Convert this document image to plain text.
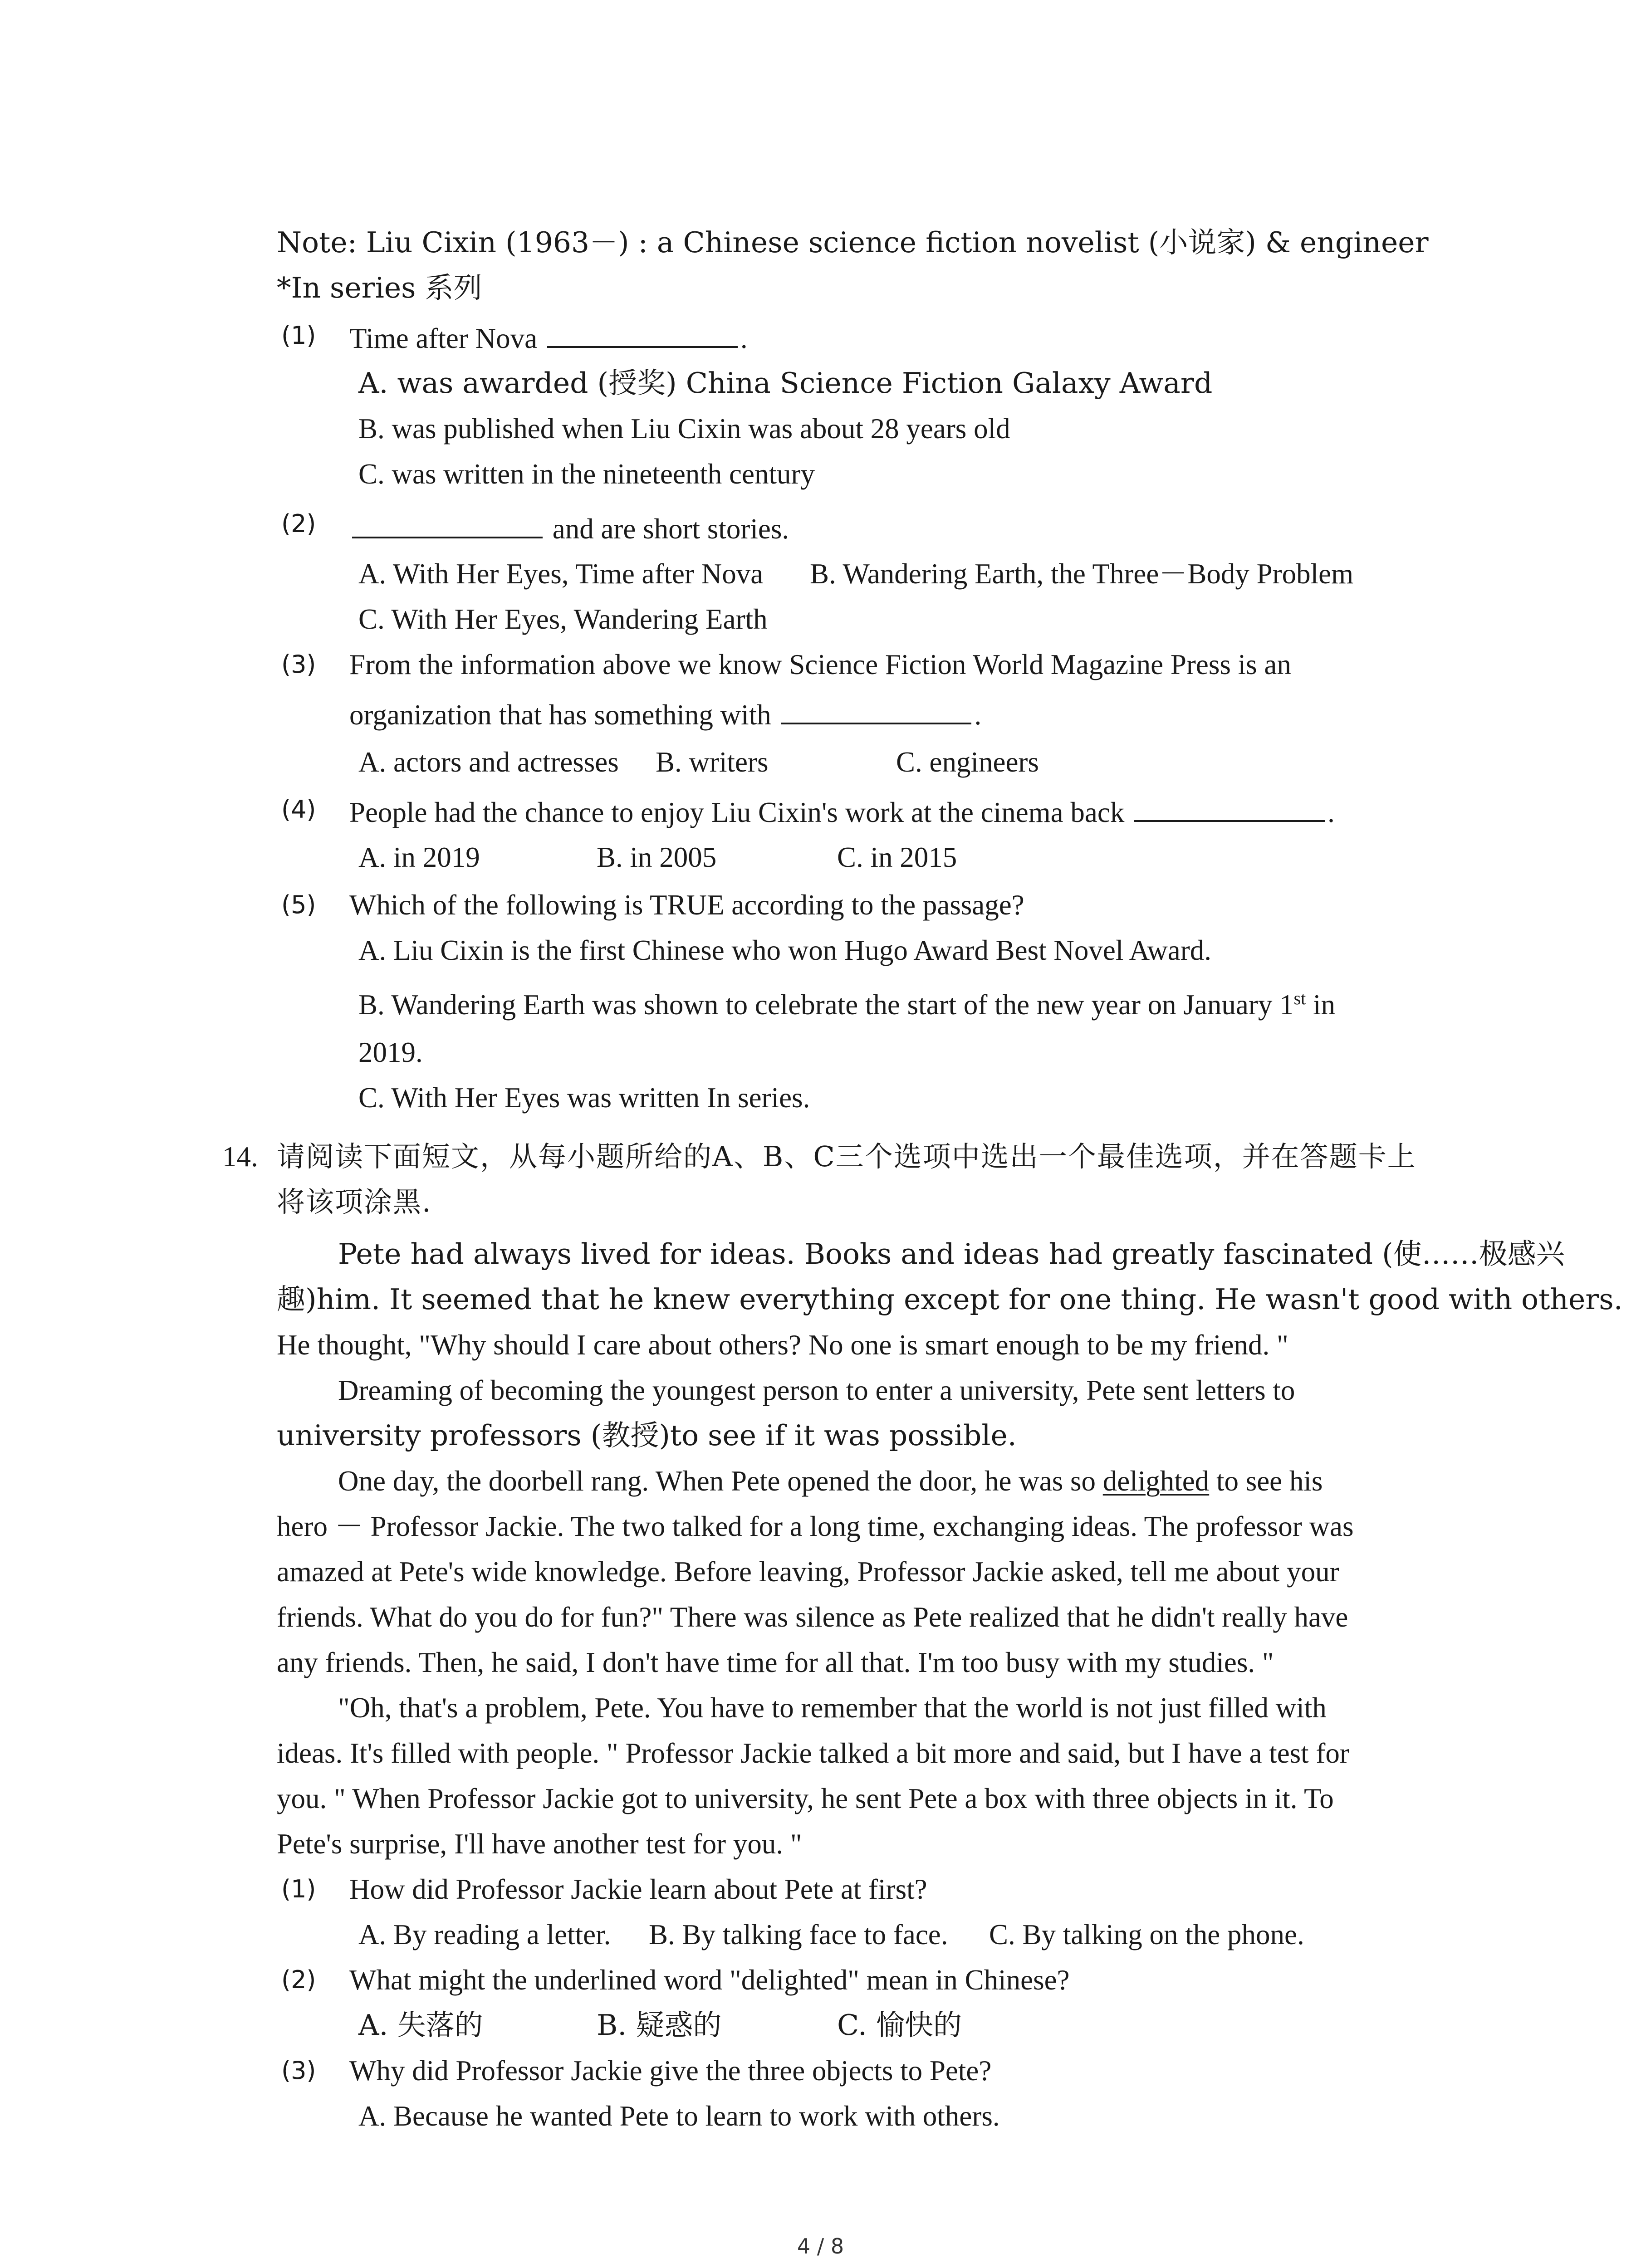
Note: Liu Cixin (1963－) : a Chinese science fiction novelist (小说家) & engineer
*In series 系列
(1) Time after Nova	.
A. was awarded (授奖) China Science Fiction Galaxy Award
B. was published when Liu Cixin was about 28 years old
C. was written in the nineteenth century
(2)	and are short stories.
A. With Her Eyes, Time after Nova B. Wandering Earth, the Three－Body Problem
C. With Her Eyes, Wandering Earth
(3) From the information above we know Science Fiction World Magazine Press is an
organization that has something with	.
A. actors and actresses B. writers	C. engineers
(4) People had the chance to enjoy Liu Cixin's work at the cinema back	.
A. in 2019	B. in 2005	C. in 2015
(5) Which of the following is TRUE according to the passage?
A. Liu Cixin is the first Chinese who won Hugo Award Best Novel Award.
B. Wandering Earth was shown to celebrate the start of the new year on January 1st in
2019.
C. With Her Eyes was written In series.
14. 请阅读下面短文，从每小题所给的A、B、C三个选项中选出一个最佳选项，并在答题卡上
将该项涂黑.
Pete had always lived for ideas. Books and ideas had greatly fascinated (使……极感兴
趣)him. It seemed that he knew everything except for one thing. He wasn't good with others.
He thought, "Why should I care about others? No one is smart enough to be my friend. "
Dreaming of becoming the youngest person to enter a university, Pete sent letters to
university professors (教授)to see if it was possible.
One day, the doorbell rang. When Pete opened the door, he was so delighted to see his
hero － Professor Jackie. The two talked for a long time, exchanging ideas. The professor was
amazed at Pete's wide knowledge. Before leaving, Professor Jackie asked, tell me about your
friends. What do you do for fun?" There was silence as Pete realized that he didn't really have
any friends. Then, he said, I don't have time for all that. I'm too busy with my studies. "
"Oh, that's a problem, Pete. You have to remember that the world is not just filled with
ideas. It's filled with people. " Professor Jackie talked a bit more and said, but I have a test for
you. " When Professor Jackie got to university, he sent Pete a box with three objects in it. To
Pete's surprise, I'll have another test for you. "
(1) How did Professor Jackie learn about Pete at first?
A. By reading a letter. B. By talking face to face. C. By talking on the phone.
(2) What might the underlined word "delighted" mean in Chinese?
A. 失落的	B. 疑惑的	C. 愉快的
(3) Why did Professor Jackie give the three objects to Pete?
A. Because he wanted Pete to learn to work with others.
4 / 8
